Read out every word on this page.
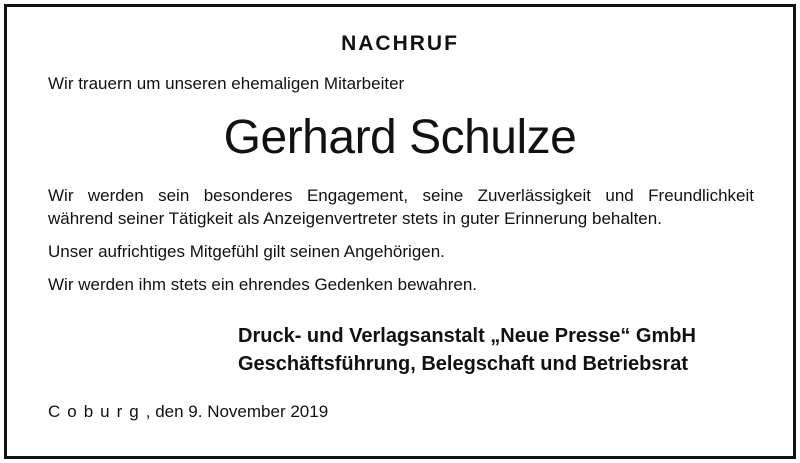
NACHRUF
Wir trauern um unseren ehemaligen Mitarbeiter
Gerhard Schulze
Wir werden sein besonderes Engagement, seine Zuverlässigkeit und Freundlichkeit
während seiner Tätigkeit als Anzeigenvertreter stets in guter Erinnerung behalten.
Unser aufrichtiges Mitgefühl gilt seinen Angehörigen.
Wir werden ihm stets ein ehrendes Gedenken bewahren.
Druck- und Verlagsanstalt „Neue Presse“ GmbH
Geschäftsführung, Belegschaft und Betriebsrat
Coburg, den 9. November 2019
